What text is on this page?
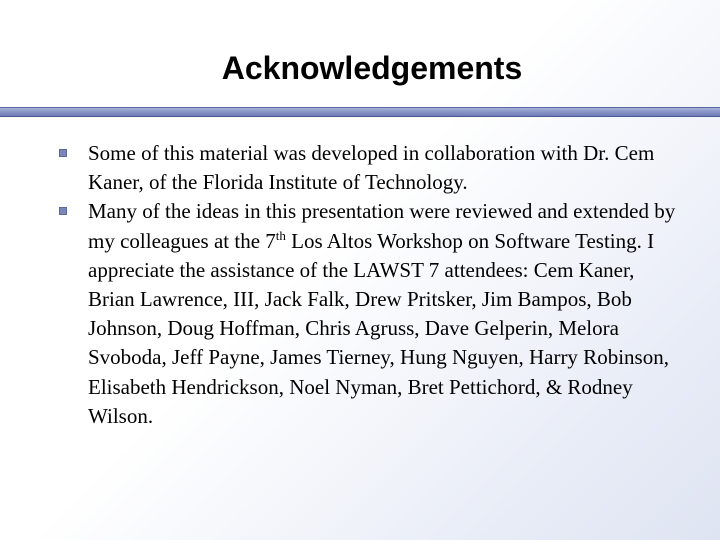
Acknowledgements
Some of this material was developed in collaboration with Dr. Cem Kaner, of the Florida Institute of Technology.
Many of the ideas in this presentation were reviewed and extended by my colleagues at the 7th Los Altos Workshop on Software Testing. I appreciate the assistance of the LAWST 7 attendees: Cem Kaner, Brian Lawrence, III, Jack Falk, Drew Pritsker, Jim Bampos, Bob Johnson, Doug Hoffman, Chris Agruss, Dave Gelperin, Melora Svoboda, Jeff Payne, James Tierney, Hung Nguyen, Harry Robinson, Elisabeth Hendrickson, Noel Nyman, Bret Pettichord, & Rodney Wilson.
